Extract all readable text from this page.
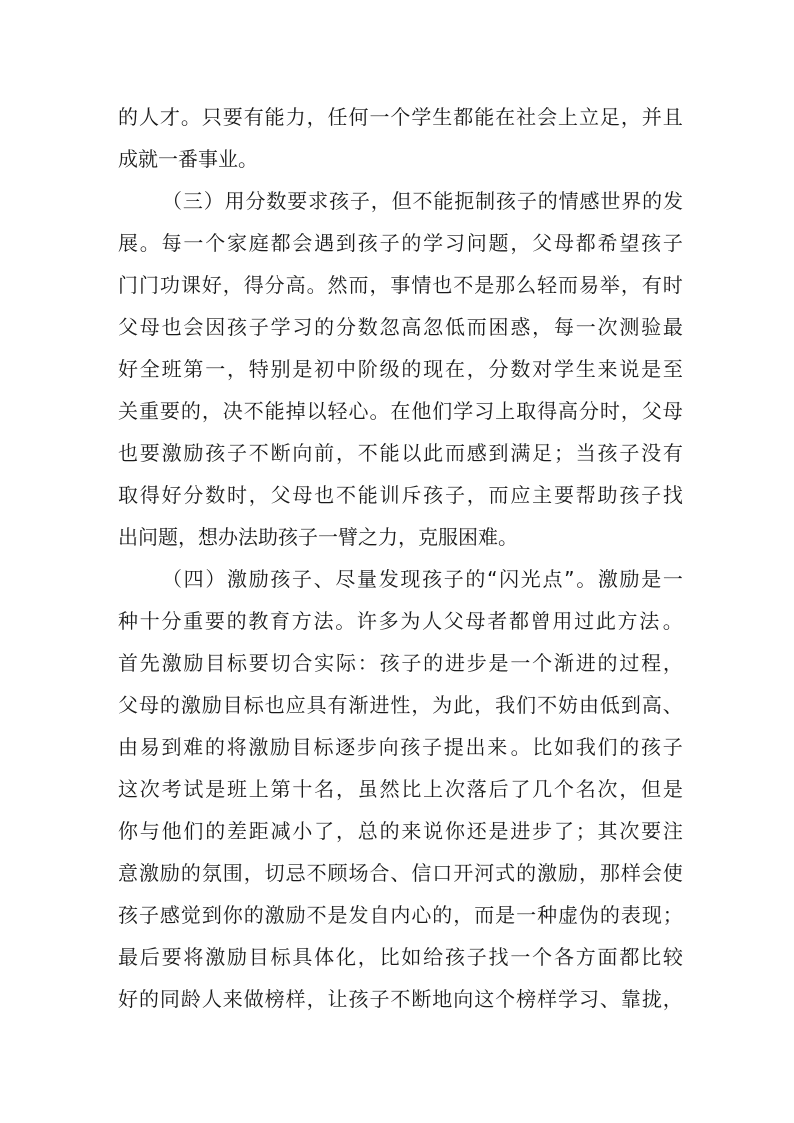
的 人 才 。 只 要 有 能 力 ， 任 何 一 个 学 生 都 能 在 社 会 上 立 足 ， 并 且
成就一番事业。
（ 三 ） 用 分 数 要 求 孩 子 ， 但 不 能 扼 制 孩 子 的 情 感 世 界 的 发
展 。 每 一 个 家 庭 都 会 遇 到 孩 子 的 学 习 问 题 ， 父 母 都 希 望 孩 子
门 门 功 课 好 ， 得 分 高 。 然 而 ， 事 情 也 不 是 那 么 轻 而 易 举 ， 有 时
父 母 也 会 因 孩 子 学 习 的 分 数 忽 高 忽 低 而 困 惑 ， 每 一 次 测 验 最
好 全 班 第 一 ， 特 别 是 初 中 阶 级 的 现 在 ， 分 数 对 学 生 来 说 是 至
关 重 要 的 ， 决 不 能 掉 以 轻 心 。 在 他 们 学 习 上 取 得 高 分 时 ， 父 母
也 要 激 励 孩 子 不 断 向 前 ， 不 能 以 此 而 感 到 满 足 ； 当 孩 子 没 有
取 得 好 分 数 时 ， 父 母 也 不 能 训 斥 孩 子 ， 而 应 主 要 帮 助 孩 子 找
出问题，想办法助孩子一臂之力，克服困难。
（ 四 ） 激 励 孩 子 、 尽 量 发 现 孩 子 的 “ 闪 光 点 ” 。 激 励 是 一
种 十 分 重 要 的 教 育 方 法 。 许 多 为 人 父 母 者 都 曾 用 过 此 方 法 。
首 先 激 励 目 标 要 切 合 实 际 ： 孩 子 的 进 步 是 一 个 渐 进 的 过 程 ，
父 母 的 激 励 目 标 也 应 具 有 渐 进 性 ， 为 此 ， 我 们 不 妨 由 低 到 高 、
由 易 到 难 的 将 激 励 目 标 逐 步 向 孩 子 提 出 来 。 比 如 我 们 的 孩 子
这 次 考 试 是 班 上 第 十 名 ， 虽 然 比 上 次 落 后 了 几 个 名 次 ， 但 是
你 与 他 们 的 差 距 减 小 了 ， 总 的 来 说 你 还 是 进 步 了 ； 其 次 要 注
意 激 励 的 氛 围 ， 切 忌 不 顾 场 合 、 信 口 开 河 式 的 激 励 ， 那 样 会 使
孩 子 感 觉 到 你 的 激 励 不 是 发 自 内 心 的 ， 而 是 一 种 虚 伪 的 表 现 ；
最 后 要 将 激 励 目 标 具 体 化 ， 比 如 给 孩 子 找 一 个 各 方 面 都 比 较
好 的 同 龄 人 来 做 榜 样 ， 让 孩 子 不 断 地 向 这 个 榜 样 学 习 、 靠 拢 ，
